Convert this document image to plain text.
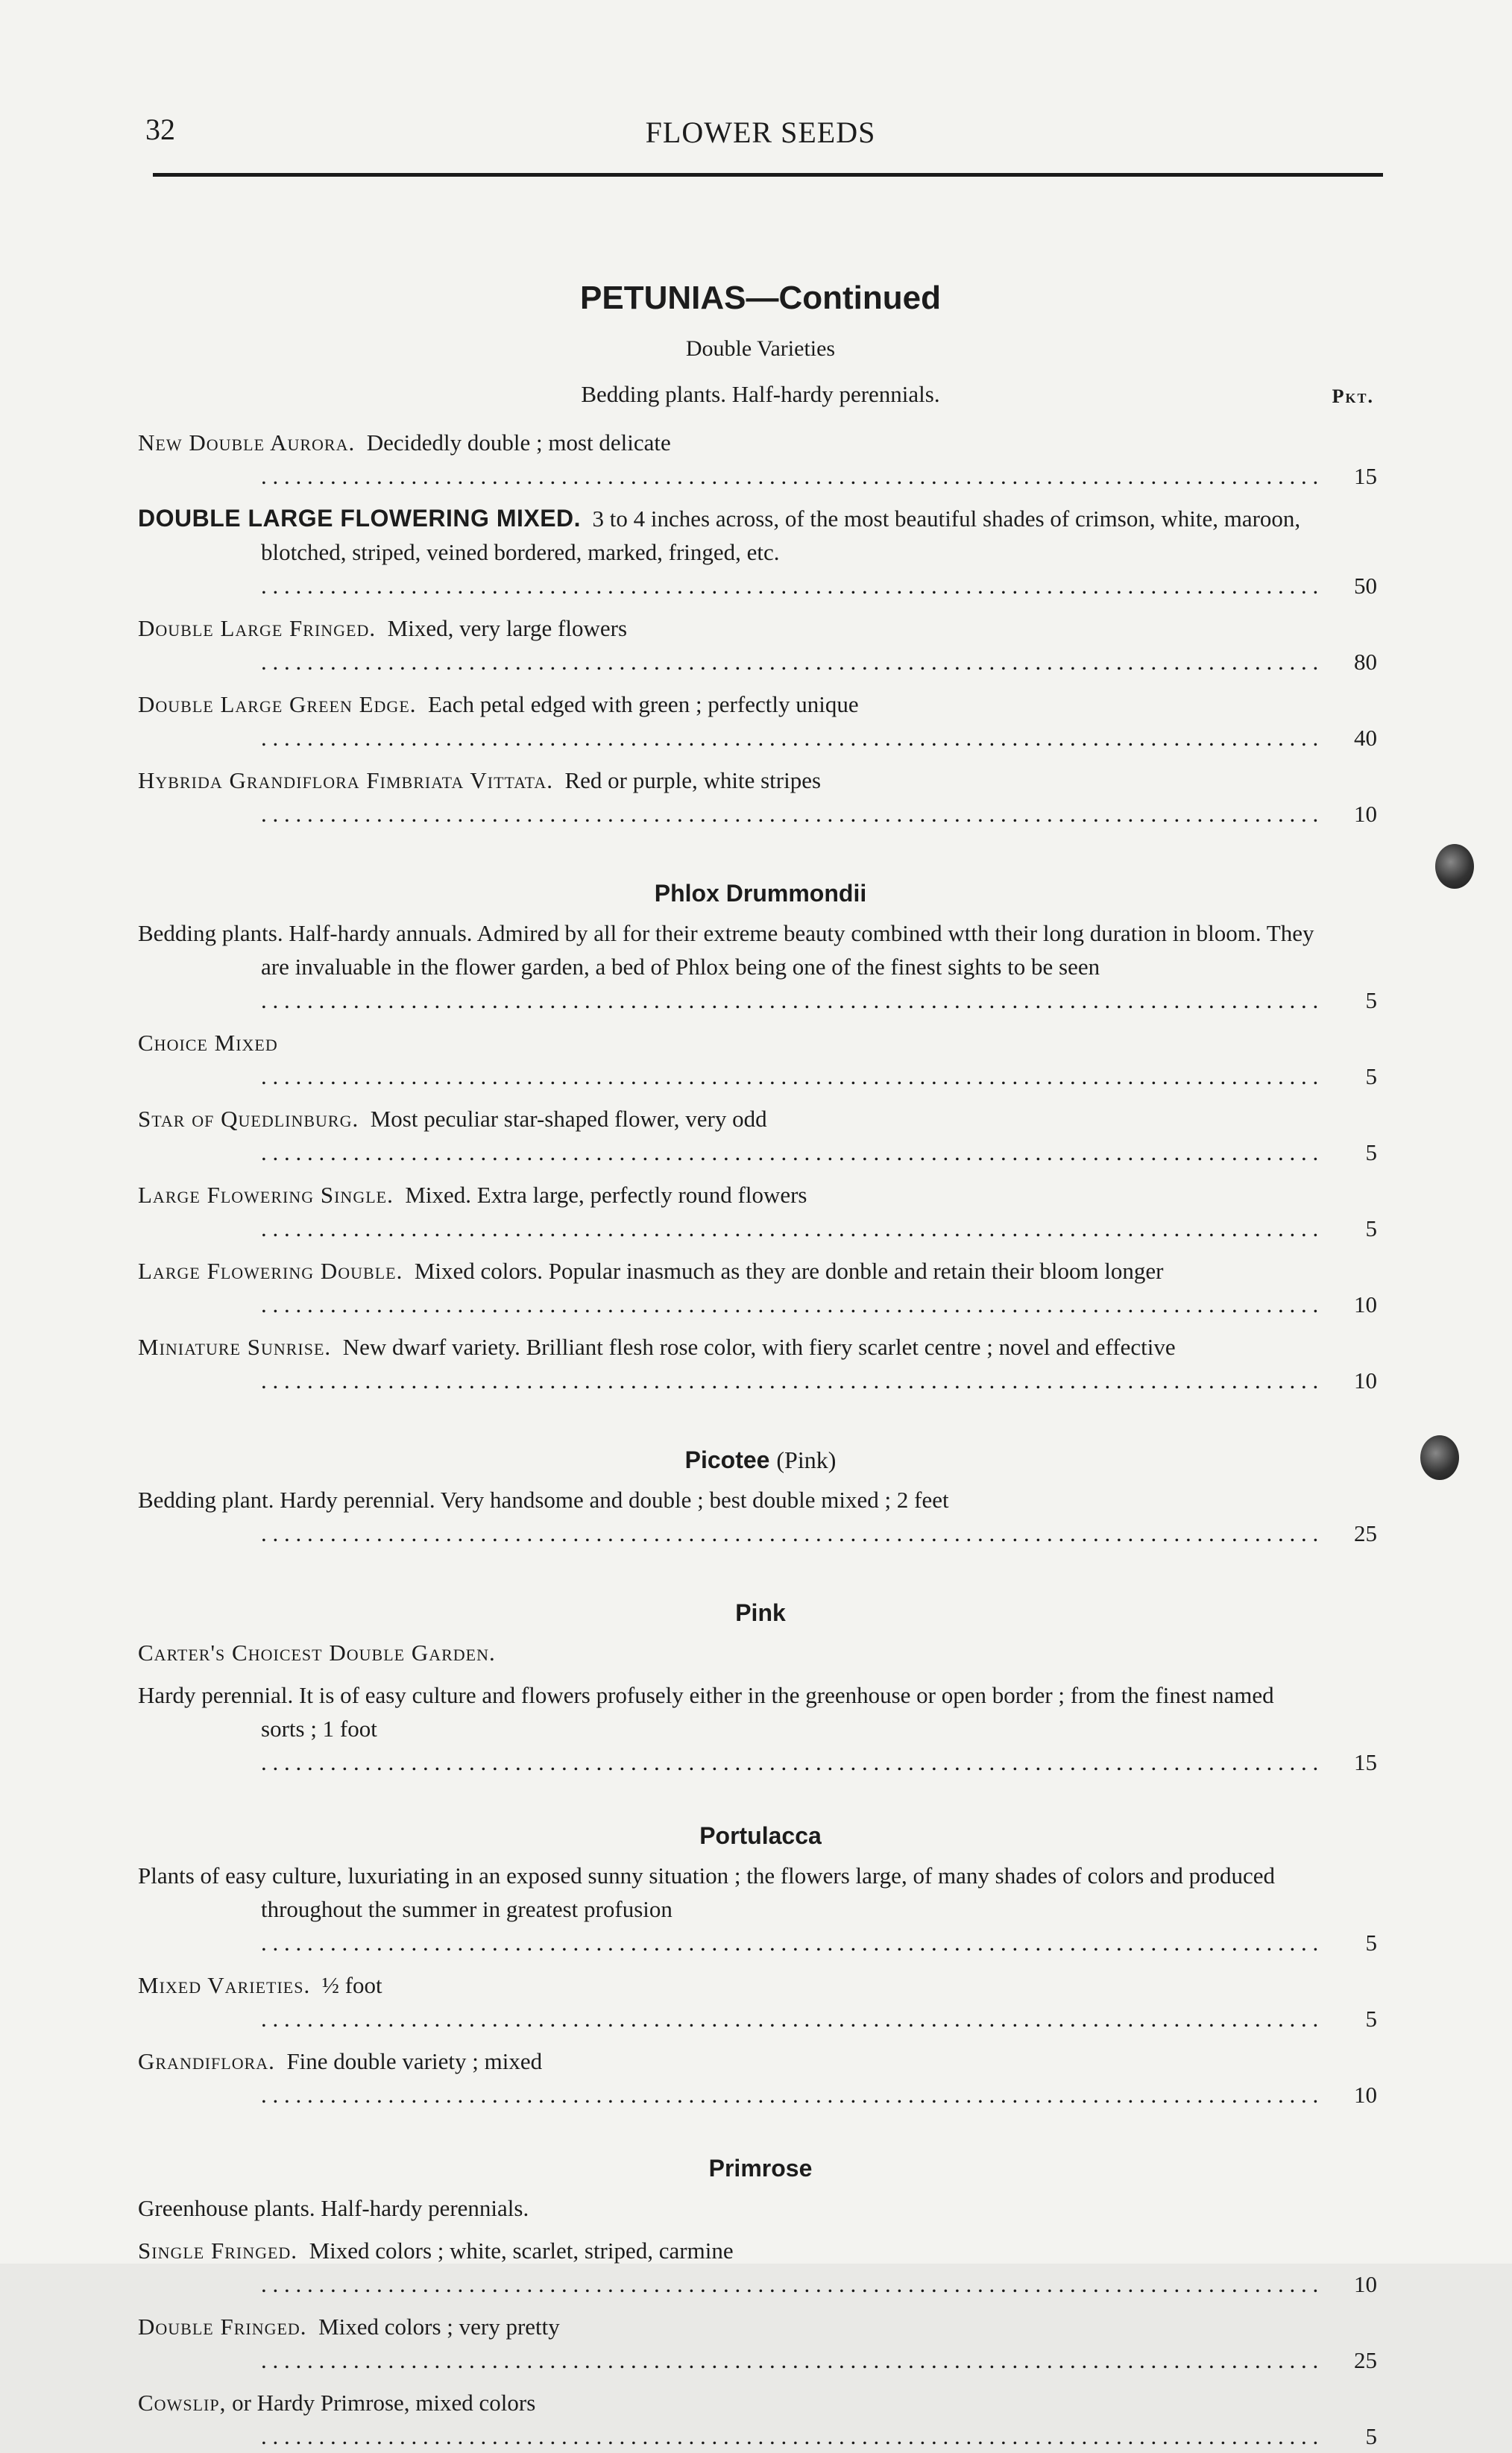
32	FLOWER SEEDS
PETUNIAS—Continued
Double Varieties
Bedding plants. Half-hardy perennials.	Pkt.
New Double Aurora. Decidedly double ; most delicate . . .
15
DOUBLE LARGE FLOWERING MIXED. 3 to 4 inches across, of the most beautiful shades of crimson, white, maroon, blotched, striped, veined bordered, marked, fringed, etc. . . .
50
Double Large Fringed. Mixed, very large flowers . . .
80
Double Large Green Edge. Each petal edged with green ; perfectly unique . . .
40
Hybrida Grandiflora Fimbriata Vittata. Red or purple, white stripes . . .
10
Phlox Drummondii
Bedding plants. Half-hardy annuals. Admired by all for their extreme beauty combined wtth their long duration in bloom. They are invaluable in the flower garden, a bed of Phlox being one of the finest sights to be seen . . .
5
Choice Mixed . . .
5
Star of Quedlinburg. Most peculiar star-shaped flower, very odd . . .
5
Large Flowering Single. Mixed. Extra large, perfectly round flowers . . .
5
Large Flowering Double. Mixed colors. Popular inasmuch as they are donble and retain their bloom longer . . .
10
Miniature Sunrise. New dwarf variety. Brilliant flesh rose color, with fiery scarlet centre ; novel and effective . . .
10
Picotee (Pink)
Bedding plant. Hardy perennial. Very handsome and double ; best double mixed ; 2 feet . . .
25
Pink
Carter's Choicest Double Garden.
Hardy perennial. It is of easy culture and flowers profusely either in the greenhouse or open border ; from the finest named sorts ; 1 foot . . .
15
Portulacca
Plants of easy culture, luxuriating in an exposed sunny situation ; the flowers large, of many shades of colors and produced throughout the summer in greatest profusion . . .
5
Mixed Varieties. ½ foot . . .
5
Grandiflora. Fine double variety ; mixed . . .
10
Primrose
Greenhouse plants. Half-hardy perennials.
Single Fringed. Mixed colors ; white, scarlet, striped, carmine . . .
10
Double Fringed. Mixed colors ; very pretty . . .
25
Cowslip, or Hardy Primrose, mixed colors . . .
5
